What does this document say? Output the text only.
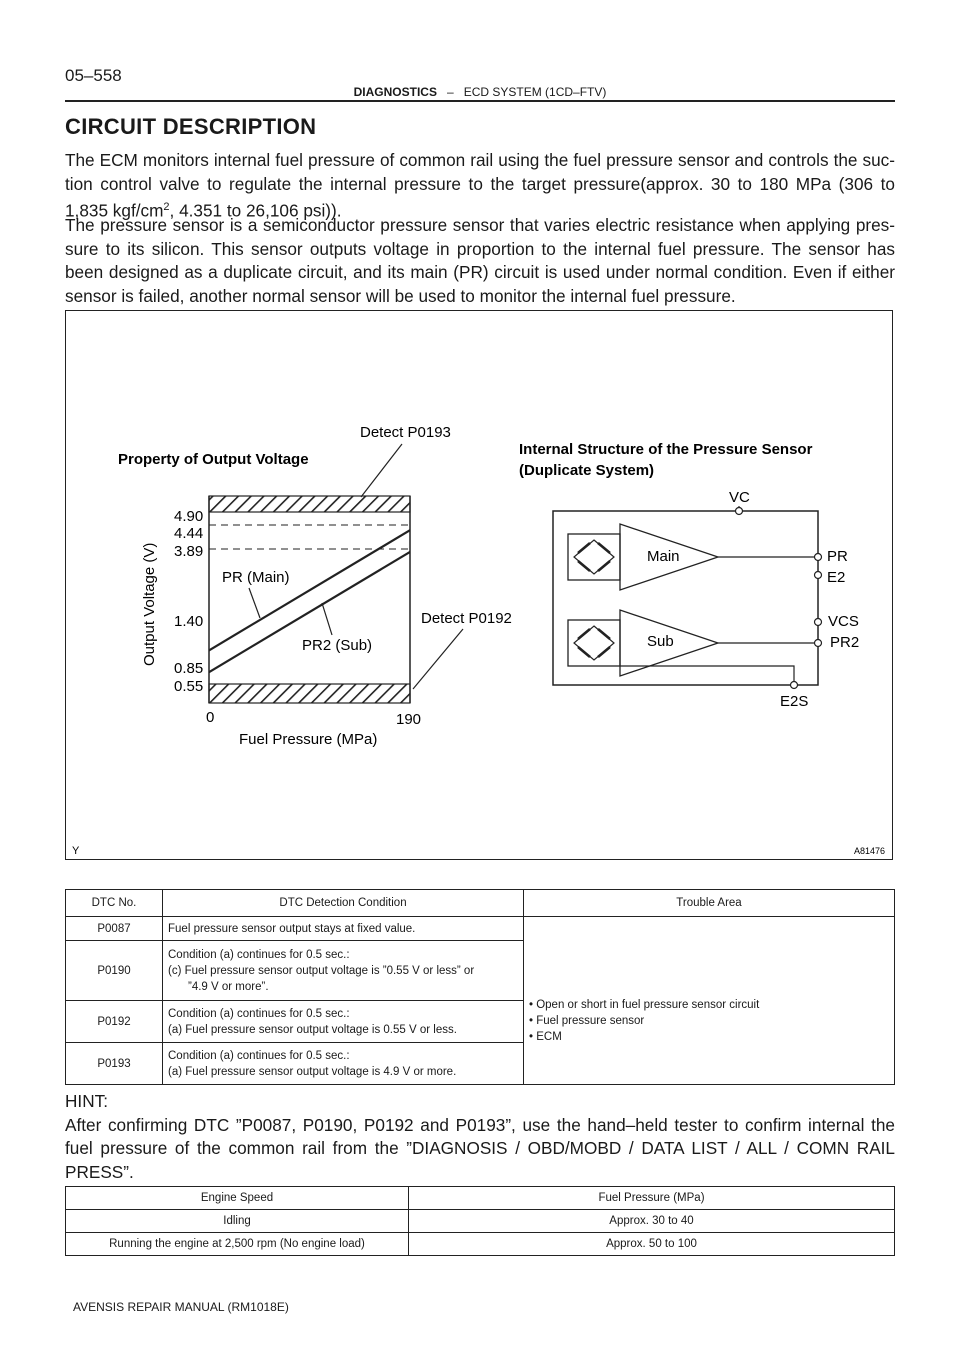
05–558
DIAGNOSTICS – ECD SYSTEM (1CD–FTV)
CIRCUIT DESCRIPTION
The ECM monitors internal fuel pressure of common rail using the fuel pressure sensor and controls the suc- tion control valve to regulate the internal pressure to the target pressure(approx. 30 to 180 MPa (306 to 1,835 kgf/$cm^2$, 4.351 to 26,106 psi)).
The pressure sensor is a semiconductor pressure sensor that varies electric resistance when applying pres- sure to its silicon. This sensor outputs voltage in proportion to the internal fuel pressure. The sensor has been designed as a duplicate circuit, and its main (PR) circuit is used under normal condition. Even if either sensor is failed, another normal sensor will be used to monitor the internal fuel pressure.
Property of Output Voltage
Detect P0193
Detect P0192
4.90
4.44
3.89
1.40
0.85
0.55
Output Voltage (V)
0	190
Fuel Pressure (MPa)
PR (Main)
PR2 (Sub)
Internal Structure of the Pressure Sensor
(Duplicate System)
Main
Sub
VC
PR
E2
VCS
PR2
E2S
Y	A81476
DTC No.	DTC Detection Condition	Trouble Area
P0087	Fuel pressure sensor output stays at fixed value.	• Open or short in fuel pressure sensor circuit
• Fuel pressure sensor
• ECM

P0190	Condition (a) continues for 0.5 sec.:
(c) Fuel pressure sensor output voltage is ”0.55 V or less” or
”4.9 V or more”.	

P0192	Condition (a) continues for 0.5 sec.:
(a) Fuel pressure sensor output voltage is 0.55 V or less.	

P0193	Condition (a) continues for 0.5 sec.:
(a) Fuel pressure sensor output voltage is 4.9 V or more.	
HINT:
After confirming DTC ”P0087, P0190, P0192 and P0193”, use the hand–held tester to confirm internal the fuel pressure of the common rail from the ”DIAGNOSIS / OBD/MOBD / DATA LIST / ALL / COMN RAIL PRESS”.
Engine Speed	Fuel Pressure (MPa)
Idling	Approx. 30 to 40
Running the engine at 2,500 rpm (No engine load)	Approx. 50 to 100
AVENSIS REPAIR MANUAL (RM1018E)
